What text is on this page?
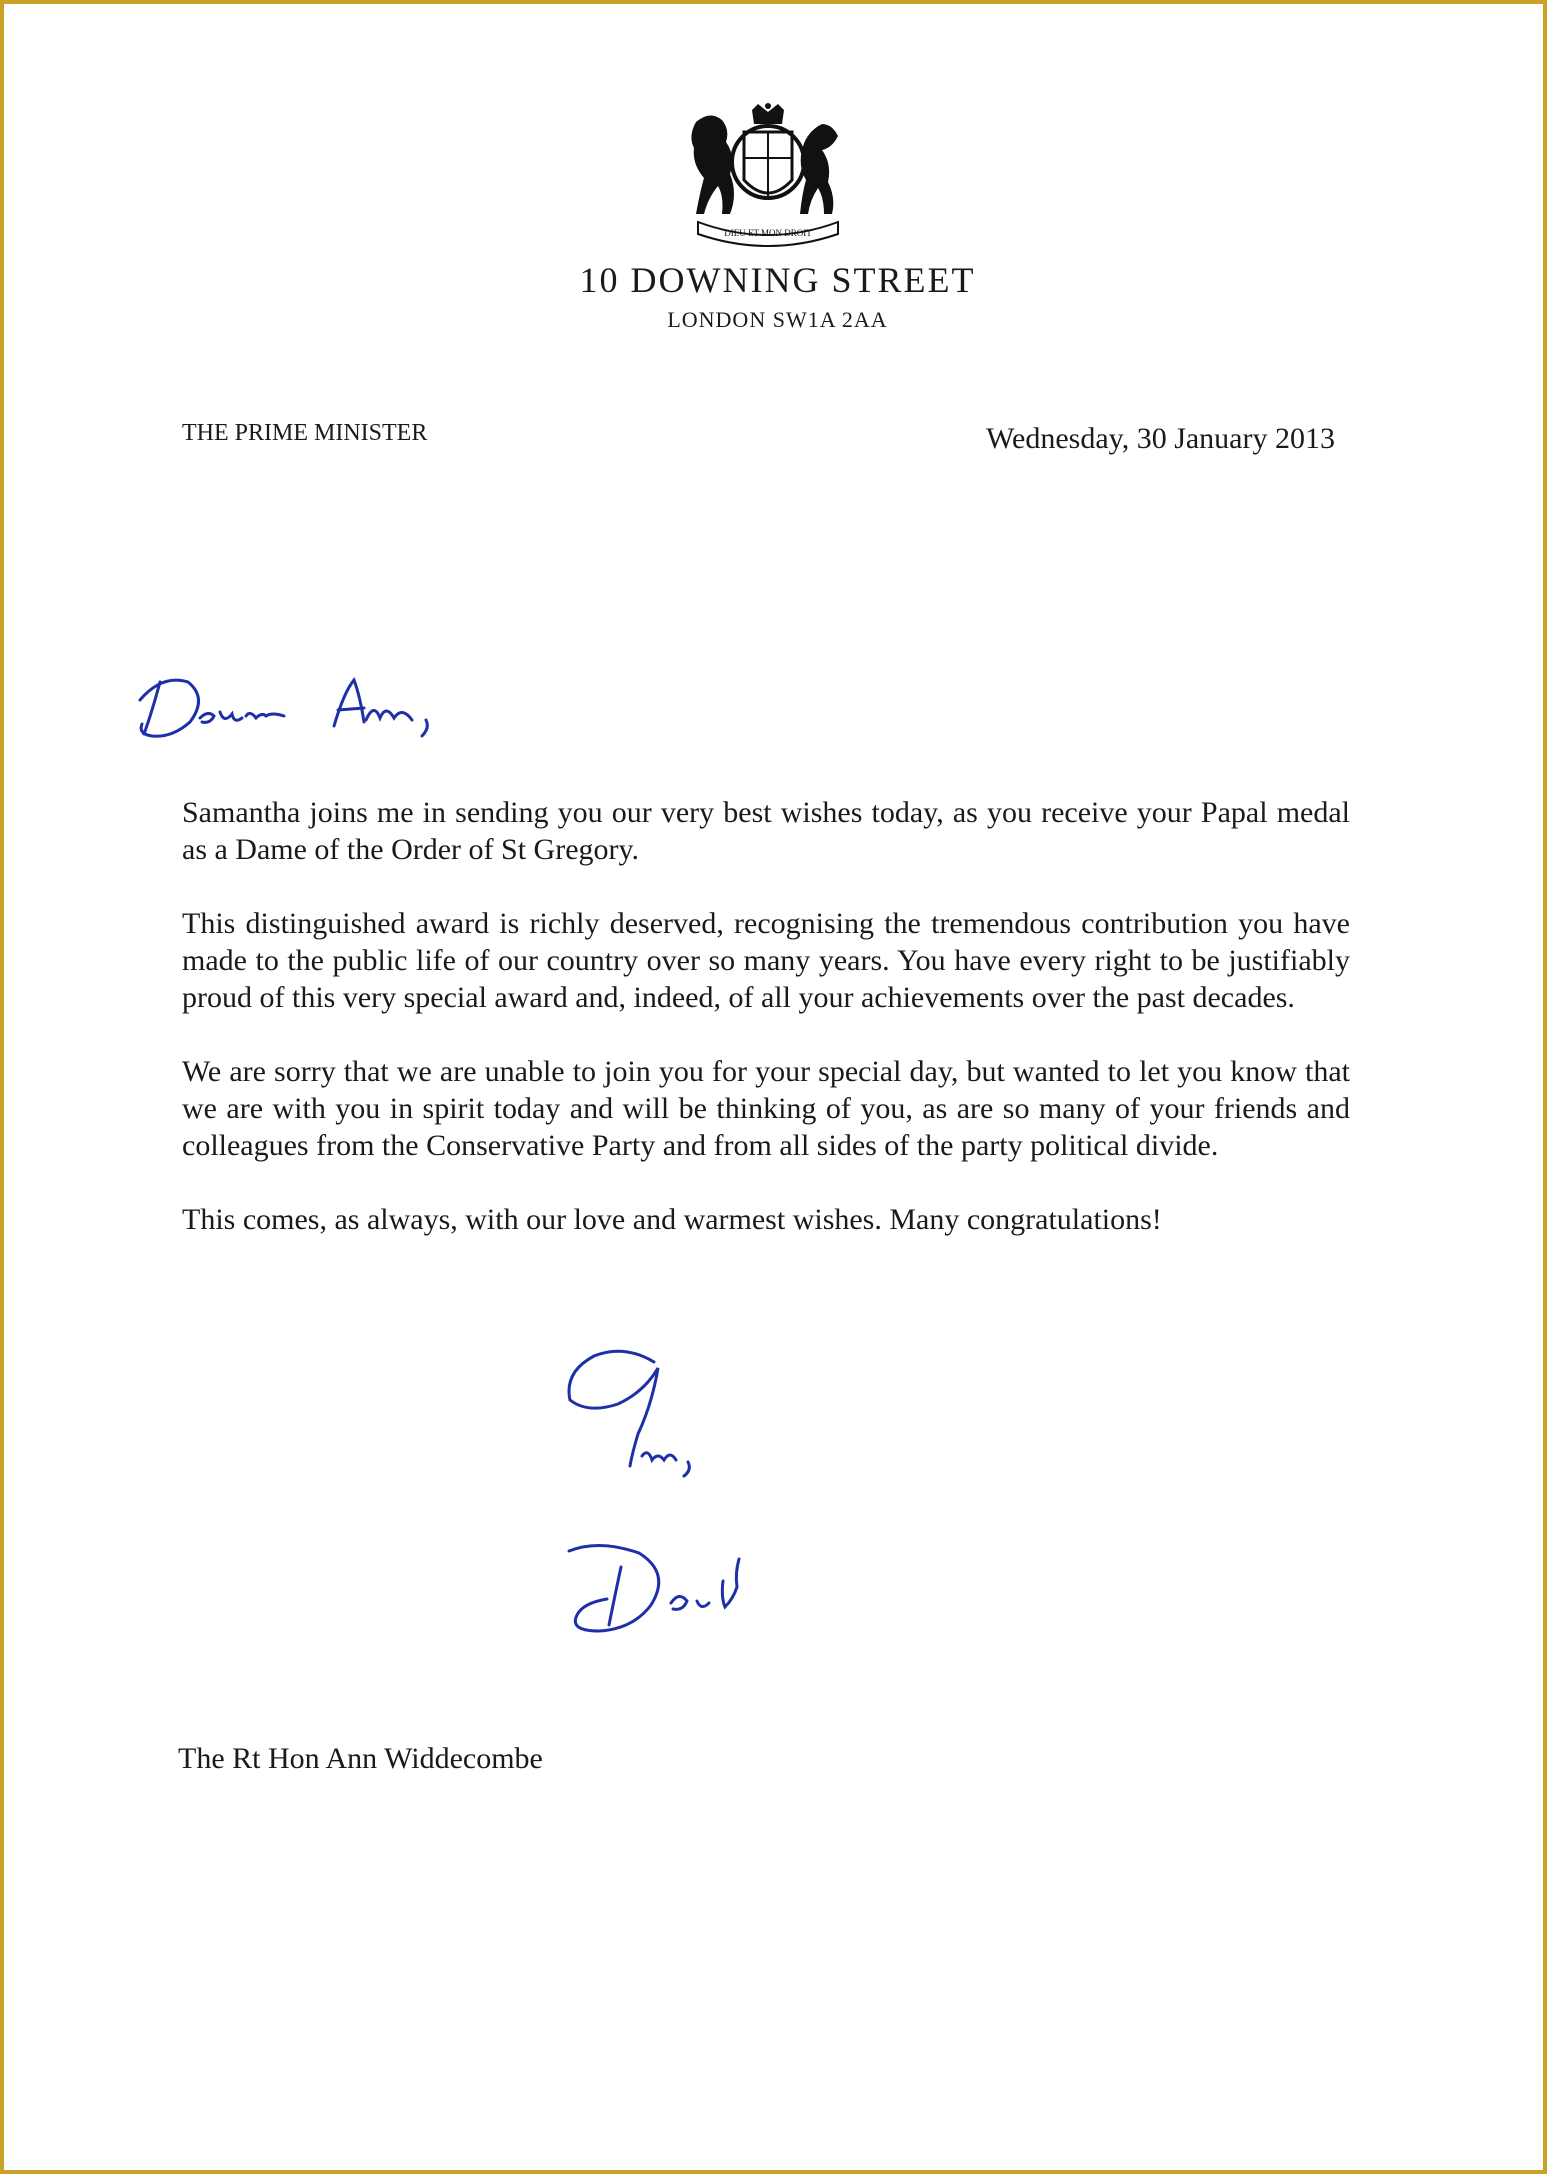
DIEU ET MON DROIT
10 DOWNING STREET
LONDON SW1A 2AA
THE PRIME MINISTER	Wednesday, 30 January 2013

Samantha joins me in sending you our very best wishes today, as you receive your Papal medal as a Dame of the Order of St Gregory.

This distinguished award is richly deserved, recognising the tremendous contribution you have made to the public life of our country over so many years. You have every right to be justifiably proud of this very special award and, indeed, of all your achievements over the past decades.

We are sorry that we are unable to join you for your special day, but wanted to let you know that we are with you in spirit today and will be thinking of you, as are so many of your friends and colleagues from the Conservative Party and from all sides of the party political divide.

This comes, as always, with our love and warmest wishes. Many congratulations!

The Rt Hon Ann Widdecombe
